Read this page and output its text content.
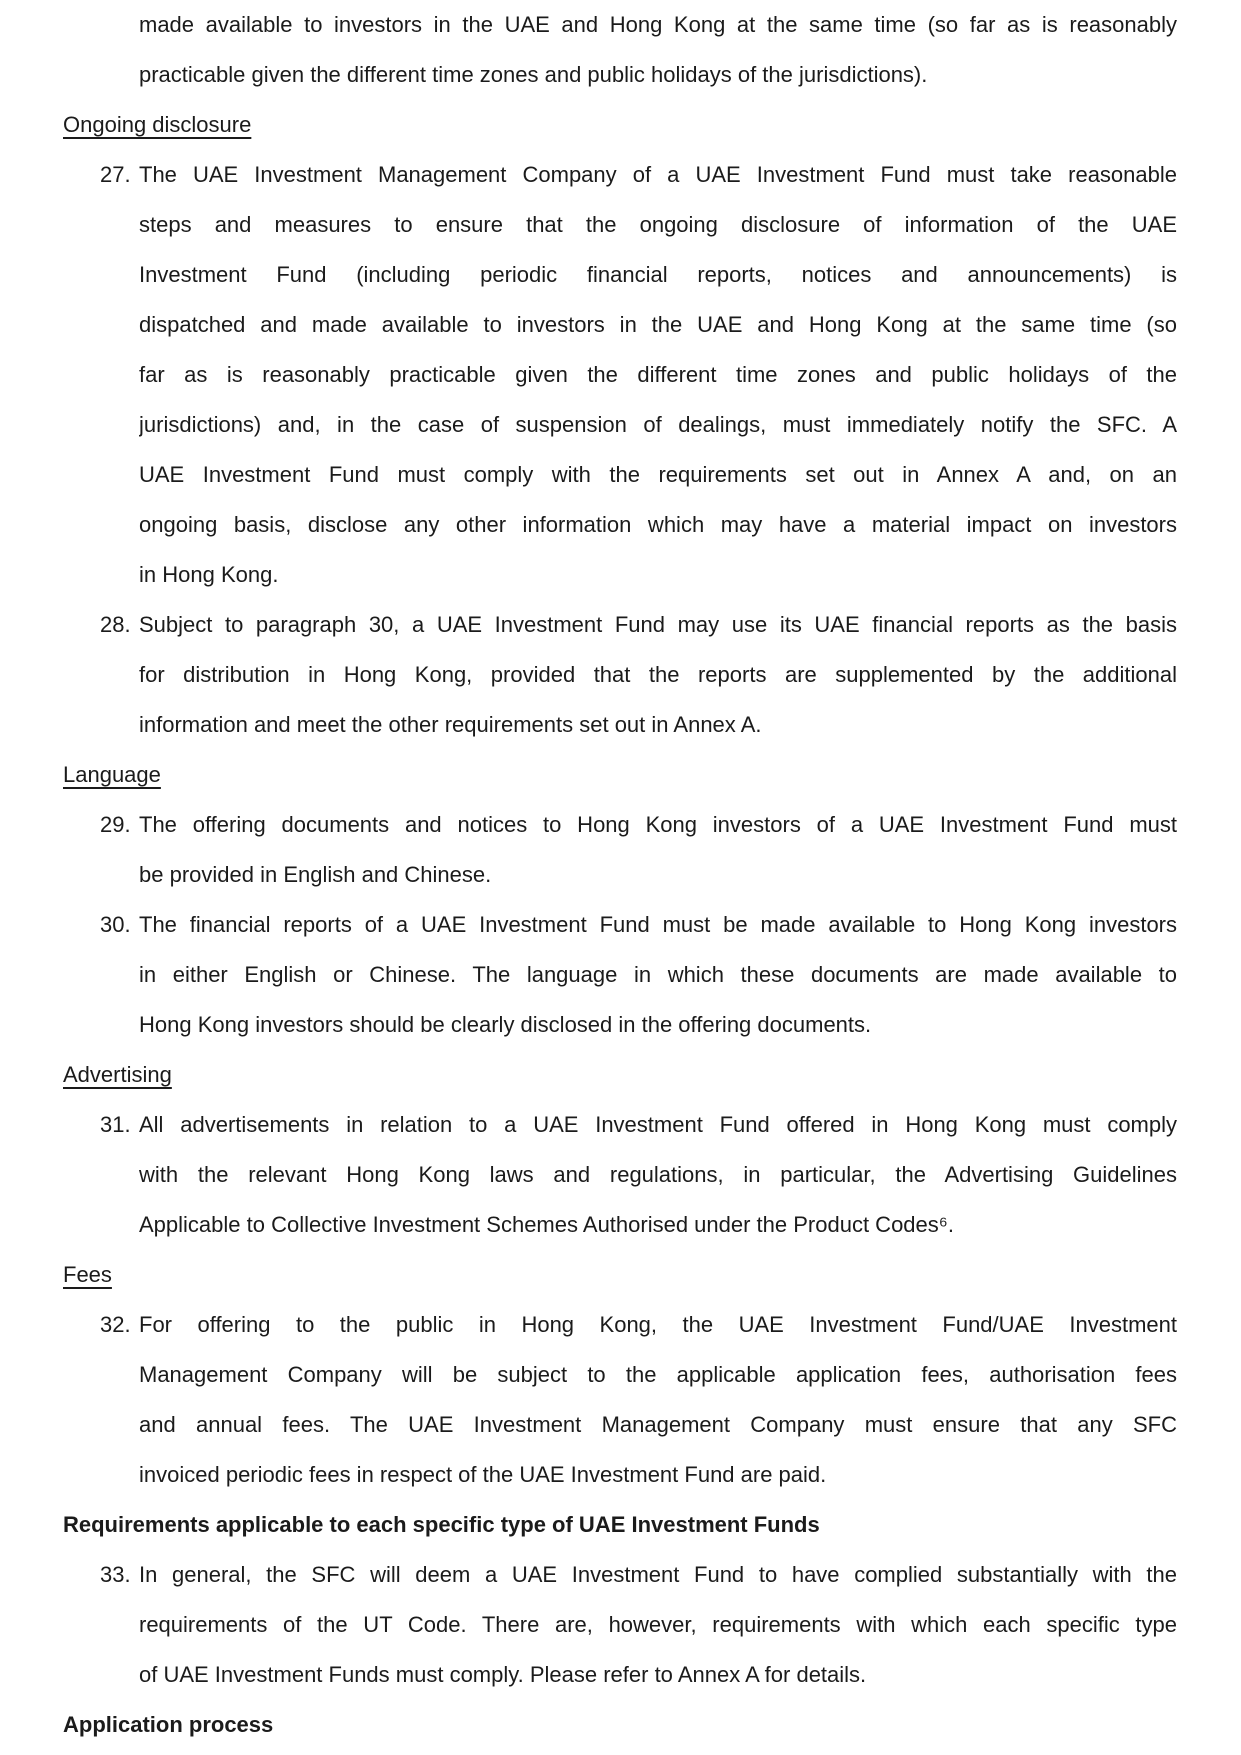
made available to investors in the UAE and Hong Kong at the same time (so far as is reasonably
practicable given the different time zones and public holidays of the jurisdictions).
Ongoing disclosure
27. The UAE Investment Management Company of a UAE Investment Fund must take reasonable
steps and measures to ensure that the ongoing disclosure of information of the UAE
Investment Fund (including periodic financial reports, notices and announcements) is
dispatched and made available to investors in the UAE and Hong Kong at the same time (so
far as is reasonably practicable given the different time zones and public holidays of the
jurisdictions) and, in the case of suspension of dealings, must immediately notify the SFC. A
UAE Investment Fund must comply with the requirements set out in Annex A and, on an
ongoing basis, disclose any other information which may have a material impact on investors
in Hong Kong.
28. Subject to paragraph 30, a UAE Investment Fund may use its UAE financial reports as the basis
for distribution in Hong Kong, provided that the reports are supplemented by the additional
information and meet the other requirements set out in Annex A.
Language
29. The offering documents and notices to Hong Kong investors of a UAE Investment Fund must
be provided in English and Chinese.
30. The financial reports of a UAE Investment Fund must be made available to Hong Kong investors
in either English or Chinese. The language in which these documents are made available to
Hong Kong investors should be clearly disclosed in the offering documents.
Advertising
31. All advertisements in relation to a UAE Investment Fund offered in Hong Kong must comply
with the relevant Hong Kong laws and regulations, in particular, the Advertising Guidelines
Applicable to Collective Investment Schemes Authorised under the Product Codes⁶.
Fees
32. For offering to the public in Hong Kong, the UAE Investment Fund/UAE Investment
Management Company will be subject to the applicable application fees, authorisation fees
and annual fees. The UAE Investment Management Company must ensure that any SFC
invoiced periodic fees in respect of the UAE Investment Fund are paid.
Requirements applicable to each specific type of UAE Investment Funds
33. In general, the SFC will deem a UAE Investment Fund to have complied substantially with the
requirements of the UT Code. There are, however, requirements with which each specific type
of UAE Investment Funds must comply. Please refer to Annex A for details.
Application process
